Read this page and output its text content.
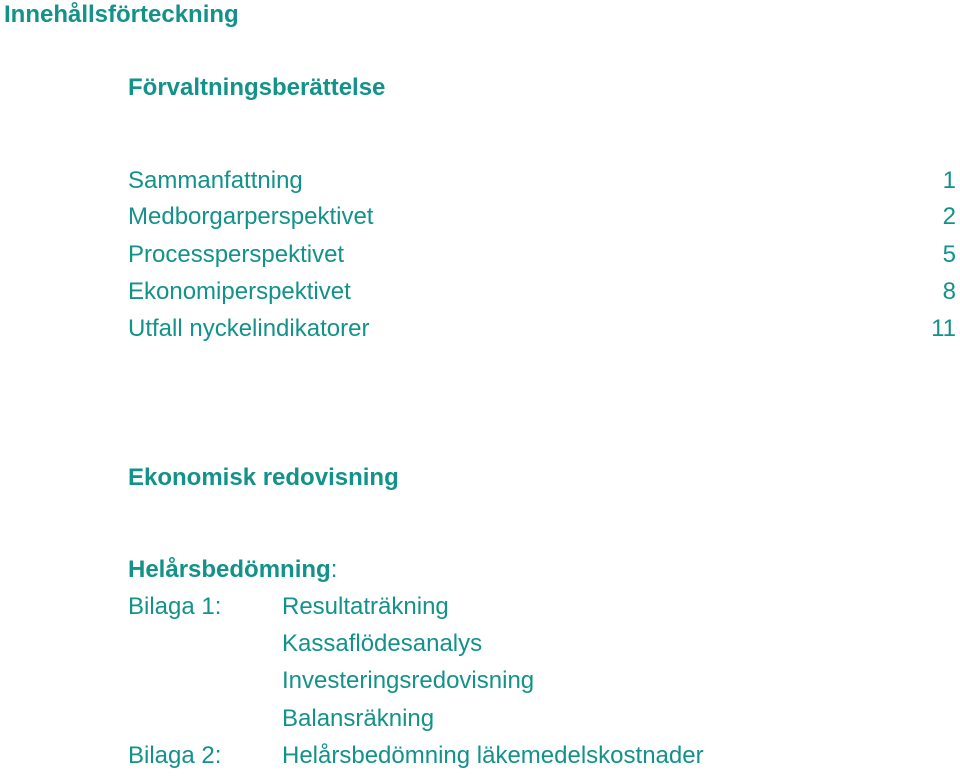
Innehållsförteckning
Förvaltningsberättelse
Sammanfattning	1
Medborgarperspektivet	2
Processperspektivet	5
Ekonomiperspektivet	8
Utfall nyckelindikatorer	11
Ekonomisk redovisning
Helårsbedömning:
Bilaga 1:	Resultaträkning
Kassaflödesanalys
Investeringsredovisning
Balansräkning
Bilaga 2:	Helårsbedömning läkemedelskostnader
